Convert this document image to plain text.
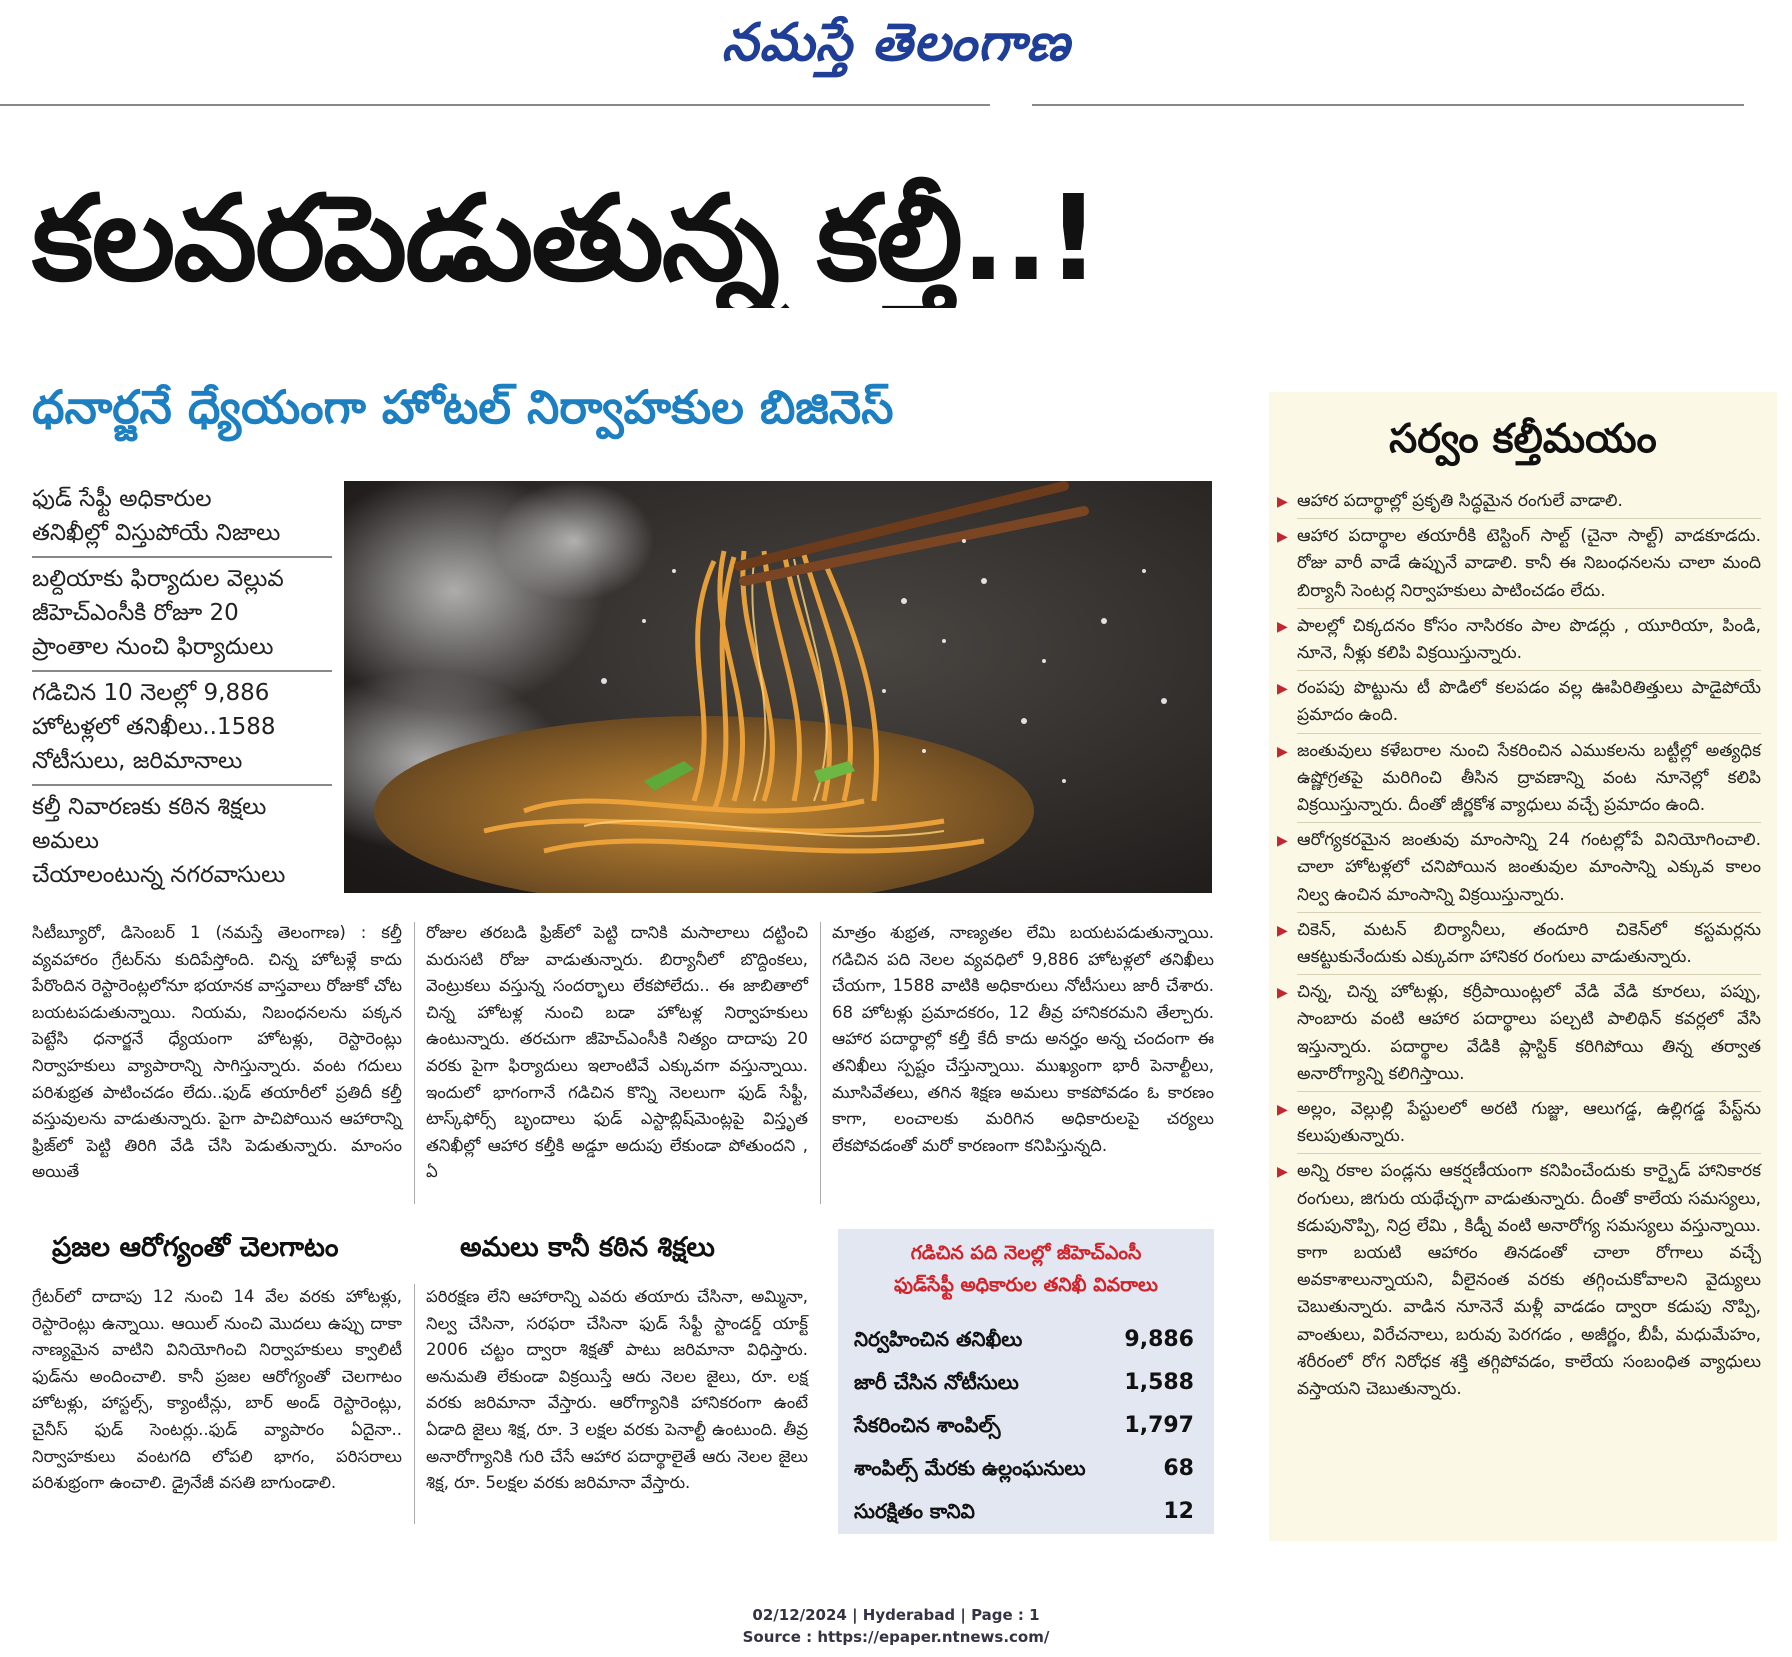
నమస్తే తెలంగాణ
కలవరపెడుతున్న కల్తీ..!
ధనార్జనే ధ్యేయంగా హోటల్ నిర్వాహకుల బిజినెస్
ఫుడ్ సేఫ్టీ అధికారుల
తనిఖీల్లో విస్తుపోయే నిజాలు
బల్దియాకు ఫిర్యాదుల వెల్లువ
జీహెచ్ఎంసీకి రోజూ 20
ప్రాంతాల నుంచి ఫిర్యాదులు
గడిచిన 10 నెలల్లో 9,886
హోటళ్లలో తనిఖీలు..1588
నోటీసులు, జరిమానాలు
కల్తీ నివారణకు కఠిన శిక్షలు అమలు
చేయాలంటున్న నగరవాసులు
సిటీబ్యూరో, డిసెంబర్ 1 (నమస్తే తెలంగాణ) : కల్తీ వ్యవహారం గ్రేటర్‌ను కుదిపేస్తోంది. చిన్న హోటళ్లే కాదు పేరొందిన రెస్టారెంట్లలోనూ భయానక వాస్తవాలు రోజుకో చోట బయటపడుతున్నాయి. నియమ, నిబంధనలను పక్కన పెట్టేసి ధనార్జనే ధ్యేయంగా హోటళ్లు, రెస్టారెంట్లు నిర్వాహకులు వ్యాపారాన్ని సాగిస్తున్నారు. వంట గదులు పరిశుభ్రత పాటించడం లేదు..ఫుడ్ తయారీలో ప్రతిదీ కల్తీ వస్తువులను వాడుతున్నారు. పైగా పాచిపోయిన ఆహారాన్ని ఫ్రిజ్‌లో పెట్టి తిరిగి వేడి చేసి పెడుతున్నారు. మాంసం అయితే
రోజుల తరబడి ఫ్రిజ్‌లో పెట్టి దానికి మసాలాలు దట్టించి మరుసటి రోజు వాడుతున్నారు. బిర్యానీలో బొద్దింకలు, వెంట్రుకలు వస్తున్న సందర్భాలు లేకపోలేదు.. ఈ జాబితాలో చిన్న హోటళ్ల నుంచి బడా హోటళ్ల నిర్వాహకులు ఉంటున్నారు. తరచుగా జీహెచ్ఎంసీకి నిత్యం దాదాపు 20 వరకు పైగా ఫిర్యాదులు ఇలాంటివే ఎక్కువగా వస్తున్నాయి. ఇందులో భాగంగానే గడిచిన కొన్ని నెలలుగా ఫుడ్ సేఫ్టీ, టాస్క్‌ఫోర్స్ బృందాలు ఫుడ్ ఎస్టాబ్లిష్‌మెంట్లపై విస్తృత తనిఖీల్లో ఆహార కల్తీకి అడ్డూ అదుపు లేకుండా పోతుందని , ఏ
మాత్రం శుభ్రత, నాణ్యతల లేమి బయటపడుతున్నాయి. గడిచిన పది నెలల వ్యవధిలో 9,886 హోటళ్లలో తనిఖీలు చేయగా, 1588 వాటికి అధికారులు నోటీసులు జారీ చేశారు. 68 హోటళ్లు ప్రమాదకరం, 12 తీవ్ర హానికరమని తేల్చారు. ఆహార పదార్థాల్లో కల్తీ కేదీ కాదు అనర్హం అన్న చందంగా ఈ తనిఖీలు స్పష్టం చేస్తున్నాయి. ముఖ్యంగా భారీ పెనాల్టీలు, మూసివేతలు, తగిన శిక్షణ అమలు కాకపోవడం ఓ కారణం కాగా, లంచాలకు మరిగిన అధికారులపై చర్యలు లేకపోవడంతో మరో కారణంగా కనిపిస్తున్నది.
ప్రజల ఆరోగ్యంతో చెలగాటం
గ్రేటర్‌లో దాదాపు 12 నుంచి 14 వేల వరకు హోటళ్లు, రెస్టారెంట్లు ఉన్నాయి. ఆయిల్ నుంచి మొదలు ఉప్పు దాకా నాణ్యమైన వాటిని వినియోగించి నిర్వాహకులు క్వాలిటీ ఫుడ్‌ను అందించాలి. కానీ ప్రజల ఆరోగ్యంతో చెలగాటం హోటళ్లు, హాస్టల్స్, క్యాంటీన్లు, బార్ అండ్ రెస్టారెంట్లు, చైనీస్ ఫుడ్ సెంటర్లు..ఫుడ్ వ్యాపారం ఏదైనా.. నిర్వాహకులు వంటగది లోపలి భాగం, పరిసరాలు పరిశుభ్రంగా ఉంచాలి. డ్రైనేజీ వసతి బాగుండాలి.
అమలు కానీ కఠిన శిక్షలు
పరిరక్షణ లేని ఆహారాన్ని ఎవరు తయారు చేసినా, అమ్మినా, నిల్వ చేసినా, సరఫరా చేసినా ఫుడ్ సేఫ్టీ స్టాండర్డ్ యాక్ట్ 2006 చట్టం ద్వారా శిక్షతో పాటు జరిమానా విధిస్తారు. అనుమతి లేకుండా విక్రయిస్తే ఆరు నెలల జైలు, రూ. లక్ష వరకు జరిమానా వేస్తారు. ఆరోగ్యానికి హానికరంగా ఉంటే ఏడాది జైలు శిక్ష, రూ. 3 లక్షల వరకు పెనాల్టీ ఉంటుంది. తీవ్ర అనారోగ్యానికి గురి చేసే ఆహార పదార్థాలైతే ఆరు నెలల జైలు శిక్ష, రూ. 5లక్షల వరకు జరిమానా వేస్తారు.
గడిచిన పది నెలల్లో జీహెచ్ఎంసీ
ఫుడ్‌సేఫ్టీ అధికారుల తనిఖీ వివరాలు
నిర్వహించిన తనిఖీలు	9,886
జారీ చేసిన నోటీసులు	1,588
సేకరించిన శాంపిల్స్	1,797
శాంపిల్స్ మేరకు ఉల్లంఘనులు	68
సురక్షితం కానివి	12
సర్వం కల్తీమయం
▶ ఆహార పదార్థాల్లో ప్రకృతి సిద్ధమైన రంగులే వాడాలి.
▶ ఆహార పదార్థాల తయారీకి టెస్టింగ్ సాల్ట్ (చైనా సాల్ట్) వాడకూడదు. రోజు వారీ వాడే ఉప్పునే వాడాలి. కానీ ఈ నిబంధనలను చాలా మంది బిర్యానీ సెంటర్ల నిర్వాహకులు పాటించడం లేదు.
▶ పాలల్లో చిక్కదనం కోసం నాసిరకం పాల పొడర్లు , యూరియా, పిండి, నూనె, నీళ్లు కలిపి విక్రయిస్తున్నారు.
▶ రంపపు పొట్టును టీ పొడిలో కలపడం వల్ల ఊపిరితిత్తులు పాడైపోయే ప్రమాదం ఉంది.
▶ జంతువులు కళేబరాల నుంచి సేకరించిన ఎముకలను బట్టీల్లో అత్యధిక ఉష్ణోగ్రతపై మరిగించి తీసిన ద్రావణాన్ని వంట నూనెల్లో కలిపి విక్రయిస్తున్నారు. దీంతో జీర్ణకోశ వ్యాధులు వచ్చే ప్రమాదం ఉంది.
▶ ఆరోగ్యకరమైన జంతువు మాంసాన్ని 24 గంటల్లోపే వినియోగించాలి. చాలా హోటళ్లలో చనిపోయిన జంతువుల మాంసాన్ని ఎక్కువ కాలం నిల్వ ఉంచిన మాంసాన్ని విక్రయిస్తున్నారు.
▶ చికెన్, మటన్ బిర్యానీలు, తందూరి చికెన్‌లో కస్టమర్లను ఆకట్టుకునేందుకు ఎక్కువగా హానికర రంగులు వాడుతున్నారు.
▶ చిన్న, చిన్న హోటళ్లు, కర్రీపాయింట్లలో వేడి వేడి కూరలు, పప్పు, సాంబారు వంటి ఆహార పదార్థాలు పల్చటి పాలిథిన్ కవర్లలో వేసి ఇస్తున్నారు. పదార్థాల వేడికి ప్లాస్టిక్ కరిగిపోయి తిన్న తర్వాత అనారోగ్యాన్ని కలిగిస్తాయి.
▶ అల్లం, వెల్లుల్లి పేస్టులలో అరటి గుజ్జు, ఆలుగడ్డ, ఉల్లిగడ్డ పేస్ట్‌ను కలుపుతున్నారు.
▶ అన్ని రకాల పండ్లను ఆకర్షణీయంగా కనిపించేందుకు కార్బైడ్ హానికారక రంగులు, జిగురు యథేచ్ఛగా వాడుతున్నారు. దీంతో కాలేయ సమస్యలు, కడుపునొప్పి, నిద్ర లేమి , కిడ్నీ వంటి అనారోగ్య సమస్యలు వస్తున్నాయి. కాగా బయటి ఆహారం తినడంతో చాలా రోగాలు వచ్చే అవకాశాలున్నాయని, వీలైనంత వరకు తగ్గించుకోవాలని వైద్యులు చెబుతున్నారు. వాడిన నూనెనే మళ్లీ వాడడం ద్వారా కడుపు నొప్పి, వాంతులు, విరేచనాలు, బరువు పెరగడం , అజీర్ణం, బీపీ, మధుమేహం, శరీరంలో రోగ నిరోధక శక్తి తగ్గిపోవడం, కాలేయ సంబంధిత వ్యాధులు వస్తాయని చెబుతున్నారు.
02/12/2024 | Hyderabad | Page : 1
Source : https://epaper.ntnews.com/
